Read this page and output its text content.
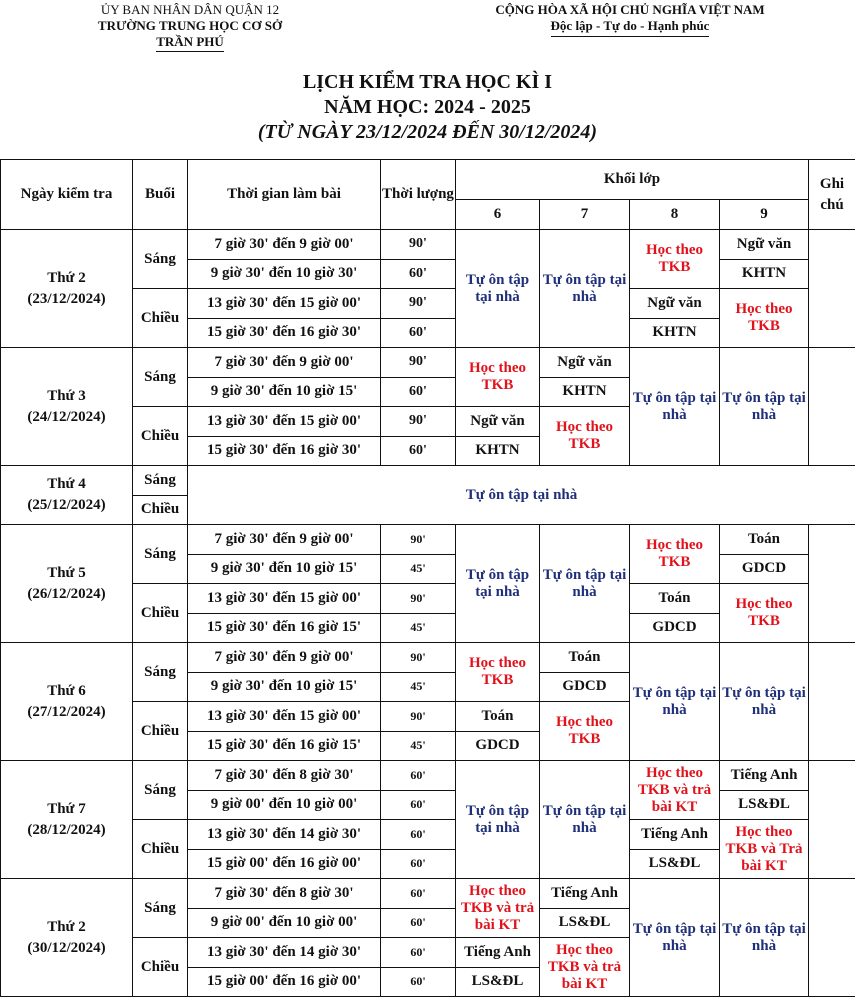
ỦY BAN NHÂN DÂN QUẬN 12
TRƯỜNG TRUNG HỌC CƠ SỞ
TRẦN PHÚ
CỘNG HÒA XÃ HỘI CHỦ NGHĨA VIỆT NAM
Độc lập - Tự do - Hạnh phúc
LỊCH KIỂM TRA HỌC KÌ I
NĂM HỌC: 2024 - 2025
(TỪ NGÀY 23/12/2024 ĐẾN 30/12/2024)
Ngày kiểm tra	Buổi	Thời gian làm bài	Thời lượng	Khối lớp				Ghi chú
				6	7	8	9	

Thứ 2
(23/12/2024)	Sáng	7 giờ 30' đến 9 giờ 00'	90'	Tự ôn tập tại nhà	Tự ôn tập tại nhà	Học theo TKB	Ngữ văn	
		9 giờ 30' đến 10 giờ 30'	60'				KHTN	
	Chiều	13 giờ 30' đến 15 giờ 00'	90'			Ngữ văn	Học theo TKB	
		15 giờ 30' đến 16 giờ 30'	60'			KHTN		

Thứ 3
(24/12/2024)	Sáng	7 giờ 30' đến 9 giờ 00'	90'	Học theo TKB	Ngữ văn	Tự ôn tập tại nhà	Tự ôn tập tại nhà	
		9 giờ 30' đến 10 giờ 15'	60'		KHTN			
	Chiều	13 giờ 30' đến 15 giờ 00'	90'	Ngữ văn	Học theo TKB			
		15 giờ 30' đến 16 giờ 30'	60'	KHTN				

Thứ 4
(25/12/2024)	Sáng	Tự ôn tập tại nhà						
	Chiều							

Thứ 5
(26/12/2024)	Sáng	7 giờ 30' đến 9 giờ 00'	90'	Tự ôn tập tại nhà	Tự ôn tập tại nhà	Học theo TKB	Toán	
		9 giờ 30' đến 10 giờ 15'	45'				GDCD	
	Chiều	13 giờ 30' đến 15 giờ 00'	90'			Toán	Học theo TKB	
		15 giờ 30' đến 16 giờ 15'	45'			GDCD		

Thứ 6
(27/12/2024)	Sáng	7 giờ 30' đến 9 giờ 00'	90'	Học theo TKB	Toán	Tự ôn tập tại nhà	Tự ôn tập tại nhà	
		9 giờ 30' đến 10 giờ 15'	45'		GDCD			
	Chiều	13 giờ 30' đến 15 giờ 00'	90'	Toán	Học theo TKB			
		15 giờ 30' đến 16 giờ 15'	45'	GDCD				

Thứ 7
(28/12/2024)	Sáng	7 giờ 30' đến 8 giờ 30'	60'	Tự ôn tập tại nhà	Tự ôn tập tại nhà	Học theo TKB và trả bài KT	Tiếng Anh	
		9 giờ 00' đến 10 giờ 00'	60'				LS&ĐL	
	Chiều	13 giờ 30' đến 14 giờ 30'	60'			Tiếng Anh	Học theo TKB và Trả bài KT	
		15 giờ 00' đến 16 giờ 00'	60'			LS&ĐL		

Thứ 2
(30/12/2024)	Sáng	7 giờ 30' đến 8 giờ 30'	60'	Học theo TKB và trả bài KT	Tiếng Anh	Tự ôn tập tại nhà	Tự ôn tập tại nhà	
		9 giờ 00' đến 10 giờ 00'	60'		LS&ĐL			
	Chiều	13 giờ 30' đến 14 giờ 30'	60'	Tiếng Anh	Học theo TKB và trả bài KT			
		15 giờ 00' đến 16 giờ 00'	60'	LS&ĐL				
